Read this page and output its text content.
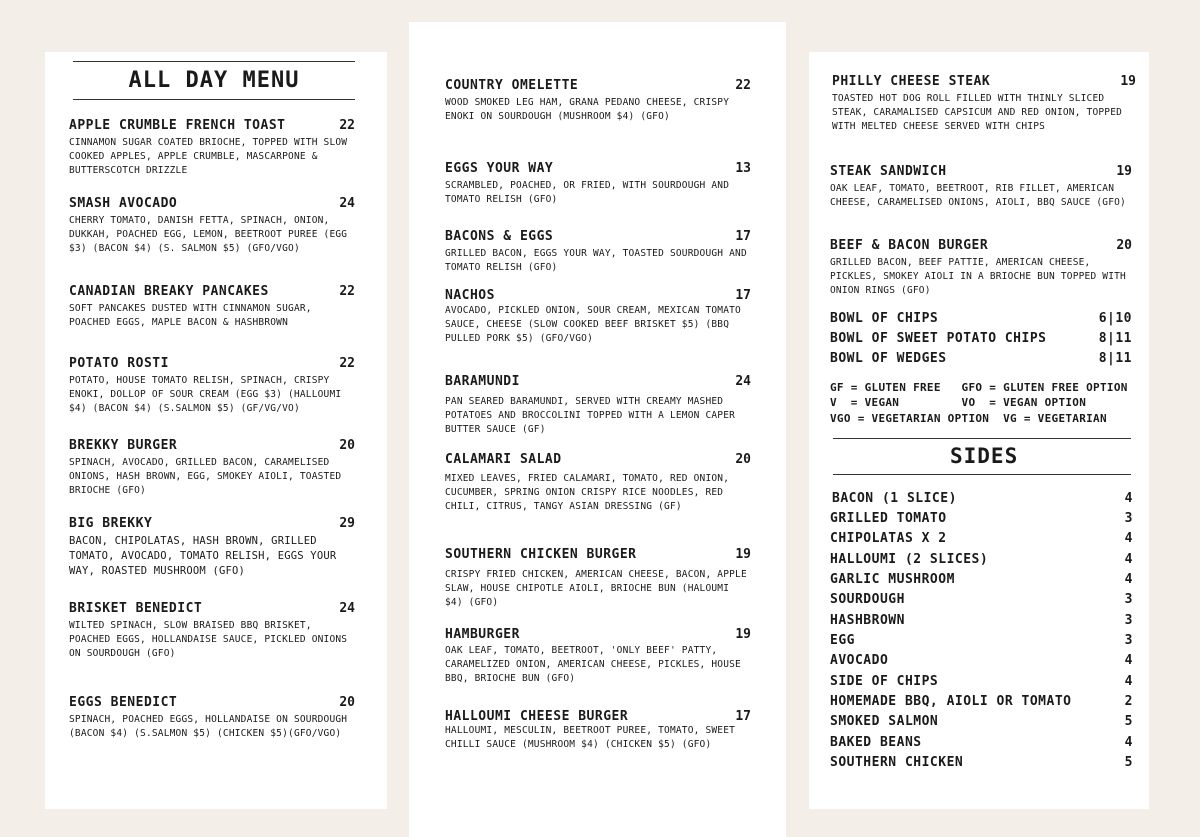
ALL DAY MENU
APPLE CRUMBLE FRENCH TOAST	22
CINNAMON SUGAR COATED BRIOCHE, TOPPED WITH SLOW COOKED APPLES, APPLE CRUMBLE, MASCARPONE & BUTTERSCOTCH DRIZZLE
SMASH AVOCADO	24
CHERRY TOMATO, DANISH FETTA, SPINACH, ONION, DUKKAH, POACHED EGG, LEMON, BEETROOT PUREE (EGG $3) (BACON $4) (S. SALMON $5) (GFO/VGO)
CANADIAN BREAKY PANCAKES	22
SOFT PANCAKES DUSTED WITH CINNAMON SUGAR, POACHED EGGS, MAPLE BACON & HASHBROWN
POTATO ROSTI	22
POTATO, HOUSE TOMATO RELISH, SPINACH, CRISPY ENOKI, DOLLOP OF SOUR CREAM (EGG $3) (HALLOUMI $4) (BACON $4) (S.SALMON $5) (GF/VG/VO)
BREKKY BURGER	20
SPINACH, AVOCADO, GRILLED BACON, CARAMELISED ONIONS, HASH BROWN, EGG, SMOKEY AIOLI, TOASTED BRIOCHE (GFO)
BIG BREKKY	29
BACON, CHIPOLATAS, HASH BROWN, GRILLED TOMATO, AVOCADO, TOMATO RELISH, EGGS YOUR WAY, ROASTED MUSHROOM (GFO)
BRISKET BENEDICT	24
WILTED SPINACH, SLOW BRAISED BBQ BRISKET, POACHED EGGS, HOLLANDAISE SAUCE, PICKLED ONIONS ON SOURDOUGH (GFO)
EGGS BENEDICT	20
SPINACH, POACHED EGGS, HOLLANDAISE ON SOURDOUGH (BACON $4) (S.SALMON $5) (CHICKEN $5)(GFO/VGO)
COUNTRY OMELETTE	22
WOOD SMOKED LEG HAM, GRANA PEDANO CHEESE, CRISPY ENOKI ON SOURDOUGH (MUSHROOM $4) (GFO)
EGGS YOUR WAY	13
SCRAMBLED, POACHED, OR FRIED, WITH SOURDOUGH AND TOMATO RELISH (GFO)
BACONS & EGGS	17
GRILLED BACON, EGGS YOUR WAY, TOASTED SOURDOUGH AND TOMATO RELISH (GFO)
NACHOS	17
AVOCADO, PICKLED ONION, SOUR CREAM, MEXICAN TOMATO SAUCE, CHEESE (SLOW COOKED BEEF BRISKET $5) (BBQ PULLED PORK $5) (GFO/VGO)
BARAMUNDI	24
PAN SEARED BARAMUNDI, SERVED WITH CREAMY MASHED POTATOES AND BROCCOLINI TOPPED WITH A LEMON CAPER BUTTER SAUCE (GF)
CALAMARI SALAD	20
MIXED LEAVES, FRIED CALAMARI, TOMATO, RED ONION, CUCUMBER, SPRING ONION CRISPY RICE NOODLES, RED CHILI, CITRUS, TANGY ASIAN DRESSING (GF)
SOUTHERN CHICKEN BURGER	19
CRISPY FRIED CHICKEN, AMERICAN CHEESE, BACON, APPLE SLAW, HOUSE CHIPOTLE AIOLI, BRIOCHE BUN (HALOUMI $4) (GFO)
HAMBURGER	19
OAK LEAF, TOMATO, BEETROOT, 'ONLY BEEF' PATTY, CARAMELIZED ONION, AMERICAN CHEESE, PICKLES, HOUSE BBQ, BRIOCHE BUN (GFO)
HALLOUMI CHEESE BURGER	17
HALLOUMI, MESCULIN, BEETROOT PUREE, TOMATO, SWEET CHILLI SAUCE (MUSHROOM $4) (CHICKEN $5) (GFO)
PHILLY CHEESE STEAK	19
TOASTED HOT DOG ROLL FILLED WITH THINLY SLICED STEAK, CARAMALISED CAPSICUM AND RED ONION, TOPPED WITH MELTED CHEESE SERVED WITH CHIPS
STEAK SANDWICH	19
OAK LEAF, TOMATO, BEETROOT, RIB FILLET, AMERICAN CHEESE, CARAMELISED ONIONS, AIOLI, BBQ SAUCE (GFO)
BEEF & BACON BURGER	20
GRILLED BACON, BEEF PATTIE, AMERICAN CHEESE, PICKLES, SMOKEY AIOLI IN A BRIOCHE BUN TOPPED WITH ONION RINGS (GFO)
BOWL OF CHIPS	6|10
BOWL OF SWEET POTATO CHIPS	8|11
BOWL OF WEDGES	8|11
GF = GLUTEN FREE   GFO = GLUTEN FREE OPTION
V  = VEGAN         VO  = VEGAN OPTION
VGO = VEGETARIAN OPTION  VG = VEGETARIAN
SIDES
BACON (1 SLICE)	4
GRILLED TOMATO	3
CHIPOLATAS X 2	4
HALLOUMI (2 SLICES)	4
GARLIC MUSHROOM	4
SOURDOUGH	3
HASHBROWN	3
EGG	3
AVOCADO	4
SIDE OF CHIPS	4
HOMEMADE BBQ, AIOLI OR TOMATO	2
SMOKED SALMON	5
BAKED BEANS	4
SOUTHERN CHICKEN	5
